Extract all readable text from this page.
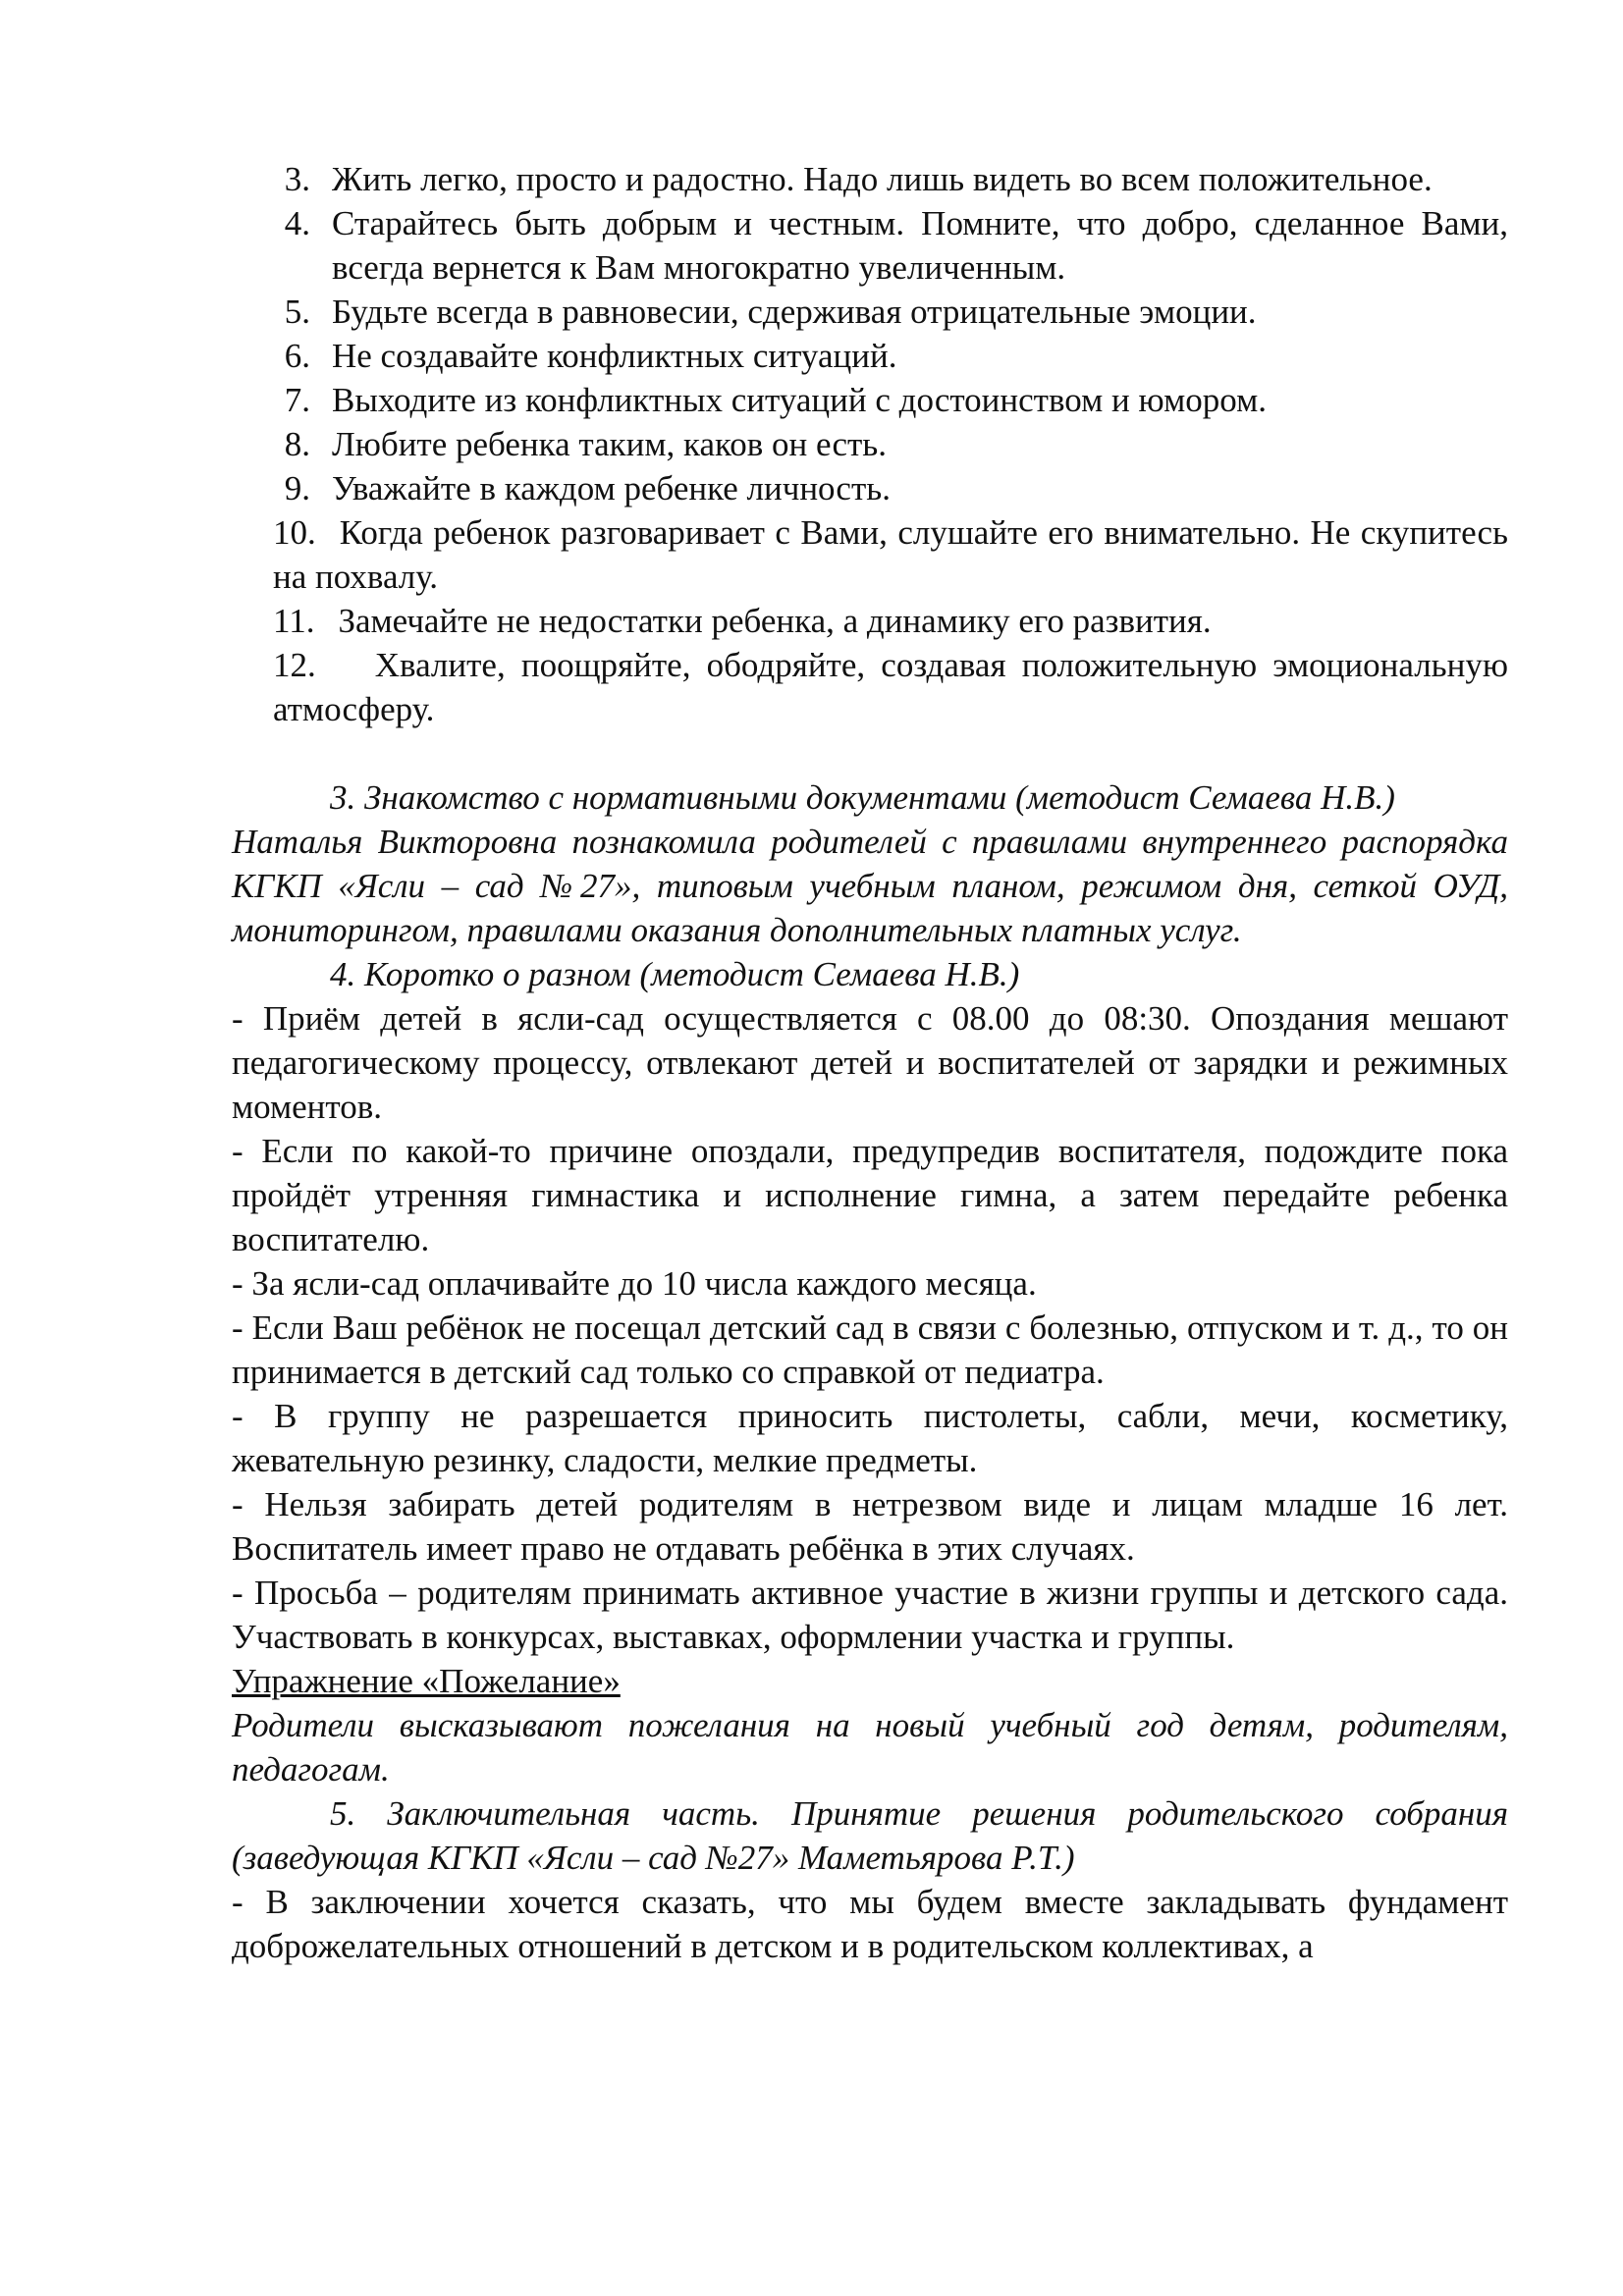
3. Жить легко, просто и радостно. Надо лишь видеть во всем положительное.
4. Старайтесь быть добрым и честным. Помните, что добро, сделанное Вами, всегда вернется к Вам многократно увеличенным.
5. Будьте всегда в равновесии, сдерживая отрицательные эмоции.
6. Не создавайте конфликтных ситуаций.
7. Выходите из конфликтных ситуаций с достоинством и юмором.
8. Любите ребенка таким, каков он есть.
9. Уважайте в каждом ребенке личность.
10. Когда ребенок разговаривает с Вами, слушайте его внимательно. Не скупитесь на похвалу.
11. Замечайте не недостатки ребенка, а динамику его развития.
12. Хвалите, поощряйте, ободряйте, создавая положительную эмоциональную атмосферу.

3. Знакомство с нормативными документами (методист Семаева Н.В.)

Наталья Викторовна познакомила родителей с правилами внутреннего распорядка КГКП «Ясли – сад №27», типовым учебным планом, режимом дня, сеткой ОУД, мониторингом, правилами оказания дополнительных платных услуг.

4. Коротко о разном (методист Семаева Н.В.)

- Приём детей в ясли-сад осуществляется с 08.00 до 08:30. Опоздания мешают педагогическому процессу, отвлекают детей и воспитателей от зарядки и режимных моментов.

- Если по какой-то причине опоздали, предупредив воспитателя, подождите пока пройдёт утренняя гимнастика и исполнение гимна, а затем передайте ребенка воспитателю.

- За ясли-сад оплачивайте до 10 числа каждого месяца.

- Если Ваш ребёнок не посещал детский сад в связи с болезнью, отпуском и т. д., то он принимается в детский сад только со справкой от педиатра.

- В группу не разрешается приносить пистолеты, сабли, мечи, косметику, жевательную резинку, сладости, мелкие предметы.

- Нельзя забирать детей родителям в нетрезвом виде и лицам младше 16 лет. Воспитатель имеет право не отдавать ребёнка в этих случаях.

- Просьба – родителям принимать активное участие в жизни группы и детского сада. Участвовать в конкурсах, выставках, оформлении участка и группы.

Упражнение «Пожелание»

Родители высказывают пожелания на новый учебный год детям, родителям, педагогам.

5. Заключительная часть. Принятие решения родительского собрания (заведующая КГКП «Ясли – сад №27» Маметьярова Р.Т.)

- В заключении хочется сказать, что мы будем вместе закладывать фундамент доброжелательных отношений в детском и в родительском коллективах, а
